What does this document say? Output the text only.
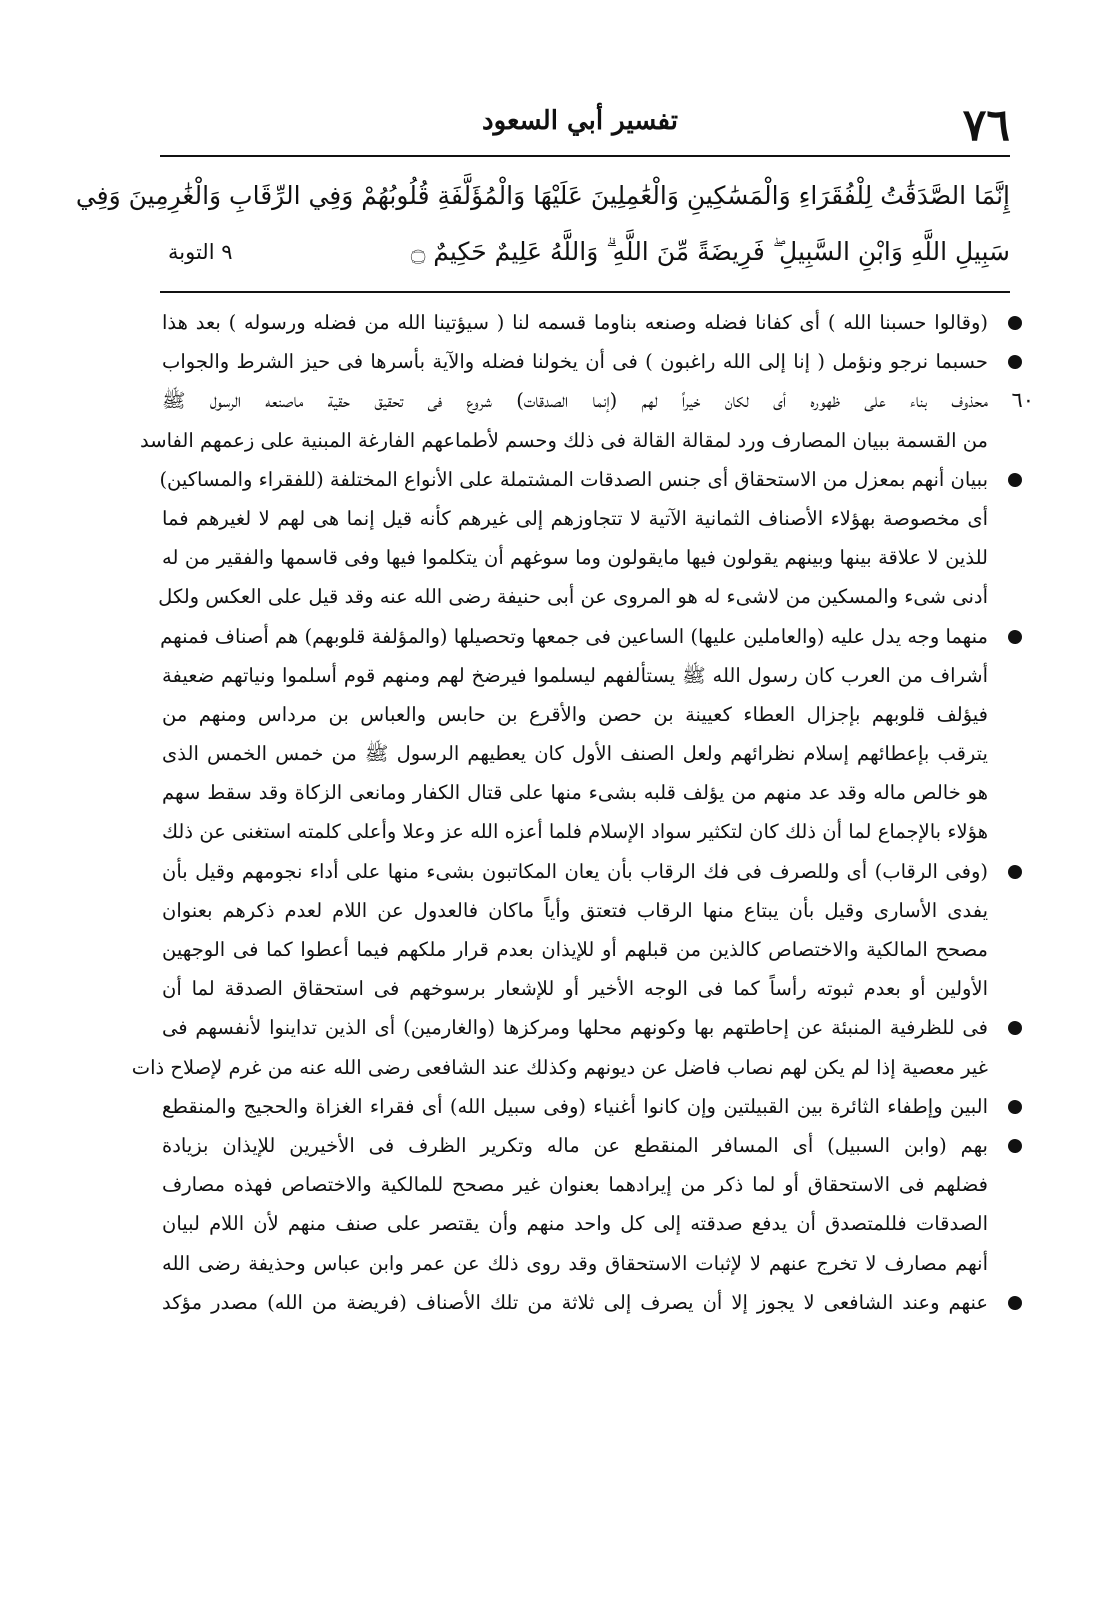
تفسير أبي السعود	٧٦
إِنَّمَا الصَّدَقَٰتُ لِلْفُقَرَاءِ وَالْمَسَٰكِينِ وَالْعَٰمِلِينَ عَلَيْهَا وَالْمُؤَلَّفَةِ قُلُوبُهُمْ وَفِي الرِّقَابِ وَالْغَٰرِمِينَ وَفِي
سَبِيلِ اللَّهِ وَابْنِ السَّبِيلِ ۖ فَرِيضَةً مِّنَ اللَّهِ ۗ وَاللَّهُ عَلِيمٌ حَكِيمٌ ۝
٩ التوبة
(وقالوا حسبنا الله ) أى كفانا فضله وصنعه بناوما قسمه لنا ( سيؤتينا الله من فضله ورسوله ) بعد هذا
حسبما نرجو ونؤمل ( إنا إلى الله راغبون ) فى أن يخولنا فضله والآية بأسرها فى حيز الشرط والجواب
٦٠
محذوف بناء على ظهوره أى لكان خيراً لهم (إنما الصدقات) شروع فى تحقيق حقية ماصنعه الرسول ﷺ
من القسمة ببيان المصارف ورد لمقالة القالة فى ذلك وحسم لأطماعهم الفارغة المبنية على زعمهم الفاسد
ببيان أنهم بمعزل من الاستحقاق أى جنس الصدقات المشتملة على الأنواع المختلفة (للفقراء والمساكين)
أى مخصوصة بهؤلاء الأصناف الثمانية الآتية لا تتجاوزهم إلى غيرهم كأنه قيل إنما هى لهم لا لغيرهم فما
للذين لا علاقة بينها وبينهم يقولون فيها مايقولون وما سوغهم أن يتكلموا فيها وفى قاسمها والفقير من له
أدنى شىء والمسكين من لاشىء له هو المروى عن أبى حنيفة رضى الله عنه وقد قيل على العكس ولكل
منهما وجه يدل عليه (والعاملين عليها) الساعين فى جمعها وتحصيلها (والمؤلفة قلوبهم) هم أصناف فمنهم
أشراف من العرب كان رسول الله ﷺ يستألفهم ليسلموا فيرضخ لهم ومنهم قوم أسلموا ونياتهم ضعيفة
فيؤلف قلوبهم بإجزال العطاء كعيينة بن حصن والأقرع بن حابس والعباس بن مرداس ومنهم من
يترقب بإعطائهم إسلام نظرائهم ولعل الصنف الأول كان يعطيهم الرسول ﷺ من خمس الخمس الذى
هو خالص ماله وقد عد منهم من يؤلف قلبه بشىء منها على قتال الكفار ومانعى الزكاة وقد سقط سهم
هؤلاء بالإجماع لما أن ذلك كان لتكثير سواد الإسلام فلما أعزه الله عز وعلا وأعلى كلمته استغنى عن ذلك
(وفى الرقاب) أى وللصرف فى فك الرقاب بأن يعان المكاتبون بشىء منها على أداء نجومهم وقيل بأن
يفدى الأسارى وقيل بأن يبتاع منها الرقاب فتعتق وأياً ماكان فالعدول عن اللام لعدم ذكرهم بعنوان
مصحح المالكية والاختصاص كالذين من قبلهم أو للإيذان بعدم قرار ملكهم فيما أعطوا كما فى الوجهين
الأولين أو بعدم ثبوته رأساً كما فى الوجه الأخير أو للإشعار برسوخهم فى استحقاق الصدقة لما أن
فى للظرفية المنبئة عن إحاطتهم بها وكونهم محلها ومركزها (والغارمين) أى الذين تداينوا لأنفسهم فى
غير معصية إذا لم يكن لهم نصاب فاضل عن ديونهم وكذلك عند الشافعى رضى الله عنه من غرم لإصلاح ذات
البين وإطفاء الثائرة بين القبيلتين وإن كانوا أغنياء (وفى سبيل الله) أى فقراء الغزاة والحجيج والمنقطع
بهم (وابن السبيل) أى المسافر المنقطع عن ماله وتكرير الظرف فى الأخيرين للإيذان بزيادة
فضلهم فى الاستحقاق أو لما ذكر من إيرادهما بعنوان غير مصحح للمالكية والاختصاص فهذه مصارف
الصدقات فللمتصدق أن يدفع صدقته إلى كل واحد منهم وأن يقتصر على صنف منهم لأن اللام لبيان
أنهم مصارف لا تخرج عنهم لا لإثبات الاستحقاق وقد روى ذلك عن عمر وابن عباس وحذيفة رضى الله
عنهم وعند الشافعى لا يجوز إلا أن يصرف إلى ثلاثة من تلك الأصناف (فريضة من الله) مصدر مؤكد
